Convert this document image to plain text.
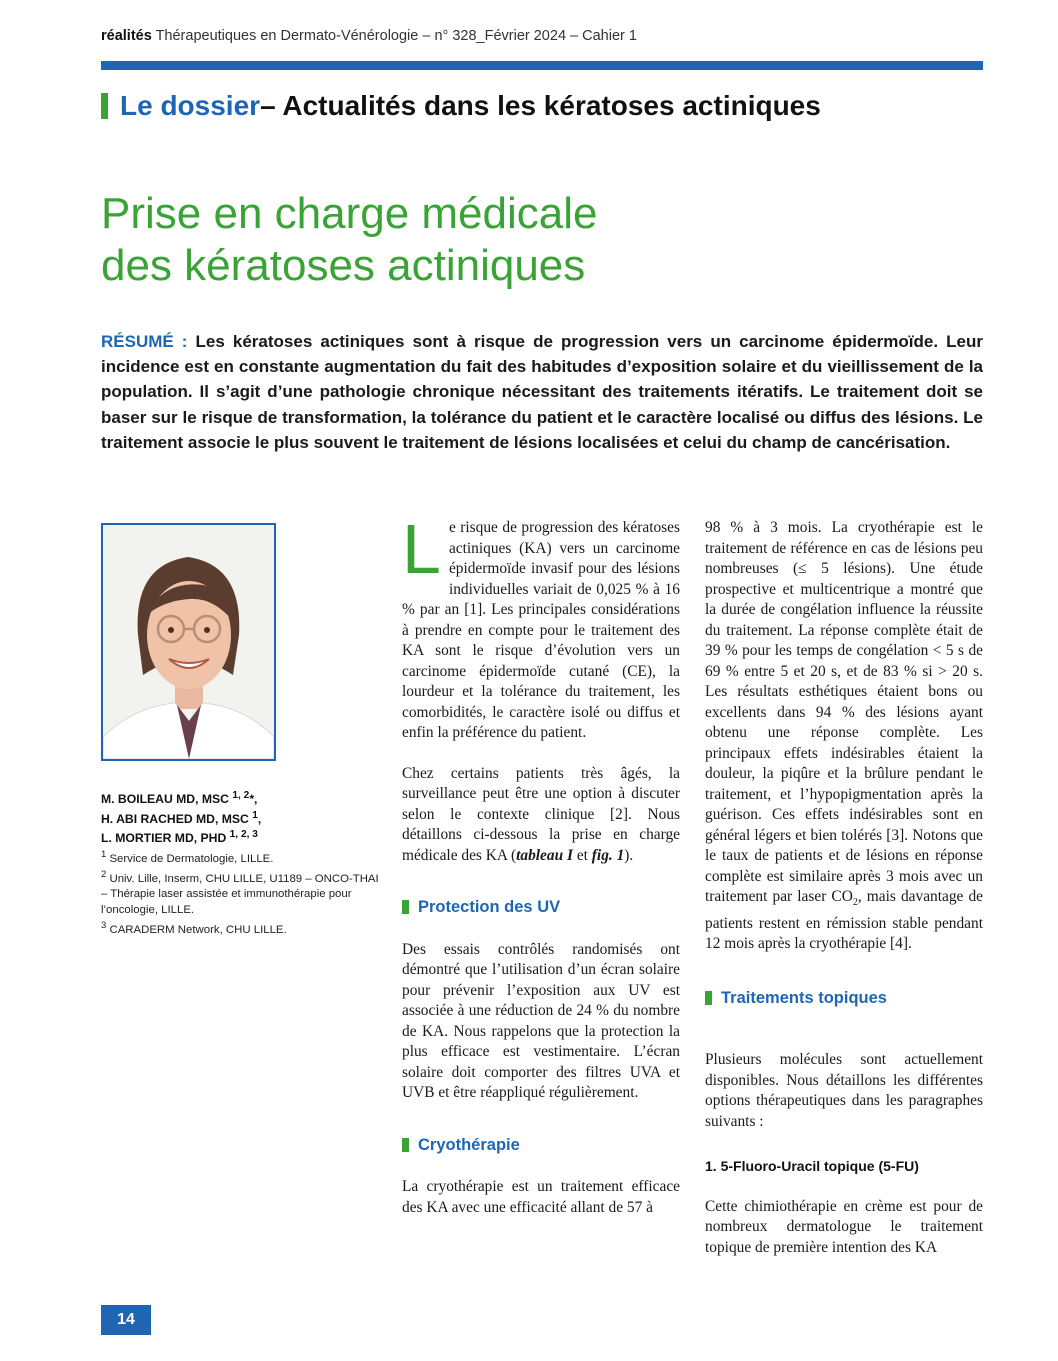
réalités Thérapeutiques en Dermato-Vénérologie – n° 328_Février 2024 – Cahier 1
Le dossier – Actualités dans les kératoses actiniques
Prise en charge médicale
des kératoses actiniques

RÉSUMÉ : Les kératoses actiniques sont à risque de progression vers un carcinome épidermoïde. Leur incidence est en constante augmentation du fait des habitudes d’exposition solaire et du vieillissement de la population. Il s’agit d’une pathologie chronique nécessitant des traitements itératifs. Le traitement doit se baser sur le risque de transformation, la tolérance du patient et le caractère localisé ou diffus des lésions. Le traitement associe le plus souvent le traitement de lésions localisées et celui du champ de cancérisation.

M. BOILEAU MD, MSC $^{1, 2}$*,
H. ABI RACHED MD, MSC $^1$,
L. MORTIER MD, PHD $^{1, 2, 3}$
$^1$ Service de Dermatologie, LILLE.
$^2$ Univ. Lille, Inserm, CHU LILLE, U1189 – ONCO-THAI – Thérapie laser assistée et immunothérapie pour l’oncologie, LILLE.
$^3$ CARADERM Network, CHU LILLE.

Le risque de progression des kératoses actiniques (KA) vers un carcinome épidermoïde invasif pour des lésions individuelles variait de 0,025 % à 16 % par an [1]. Les principales considérations à prendre en compte pour le traitement des KA sont le risque d’évolution vers un carcinome épidermoïde cutané (CE), la lourdeur et la tolérance du traitement, les comorbidités, le caractère isolé ou diffus et enfin la préférence du patient.

Chez certains patients très âgés, la surveillance peut être une option à discuter selon le contexte clinique [2]. Nous détaillons ci-dessous la prise en charge médicale des KA (tableau I et fig. 1).

Protection des UV

Des essais contrôlés randomisés ont démontré que l’utilisation d’un écran solaire pour prévenir l’exposition aux UV est associée à une réduction de 24 % du nombre de KA. Nous rappelons que la protection la plus efficace est vestimentaire. L’écran solaire doit comporter des filtres UVA et UVB et être réappliqué régulièrement.

Cryothérapie

La cryothérapie est un traitement efficace des KA avec une efficacité allant de 57 à

98 % à 3 mois. La cryothérapie est le traitement de référence en cas de lésions peu nombreuses (≤ 5 lésions). Une étude prospective et multicentrique a montré que la durée de congélation influence la réussite du traitement. La réponse complète était de 39 % pour les temps de congélation < 5 s de 69 % entre 5 et 20 s, et de 83 % si > 20 s. Les résultats esthétiques étaient bons ou excellents dans 94 % des lésions ayant obtenu une réponse complète. Les principaux effets indésirables étaient la douleur, la piqûre et la brûlure pendant le traitement, et l’hypopigmentation après la guérison. Ces effets indésirables sont en général légers et bien tolérés [3]. Notons que le taux de patients et de lésions en réponse complète est similaire après 3 mois avec un traitement par laser $CO_2$, mais davantage de patients restent en rémission stable pendant 12 mois après la cryothérapie [4].

Traitements topiques

Plusieurs molécules sont actuellement disponibles. Nous détaillons les différentes options thérapeutiques dans les paragraphes suivants :

1. 5-Fluoro-Uracil topique (5-FU)

Cette chimiothérapie en crème est pour de nombreux dermatologue le traitement topique de première intention des KA

14
